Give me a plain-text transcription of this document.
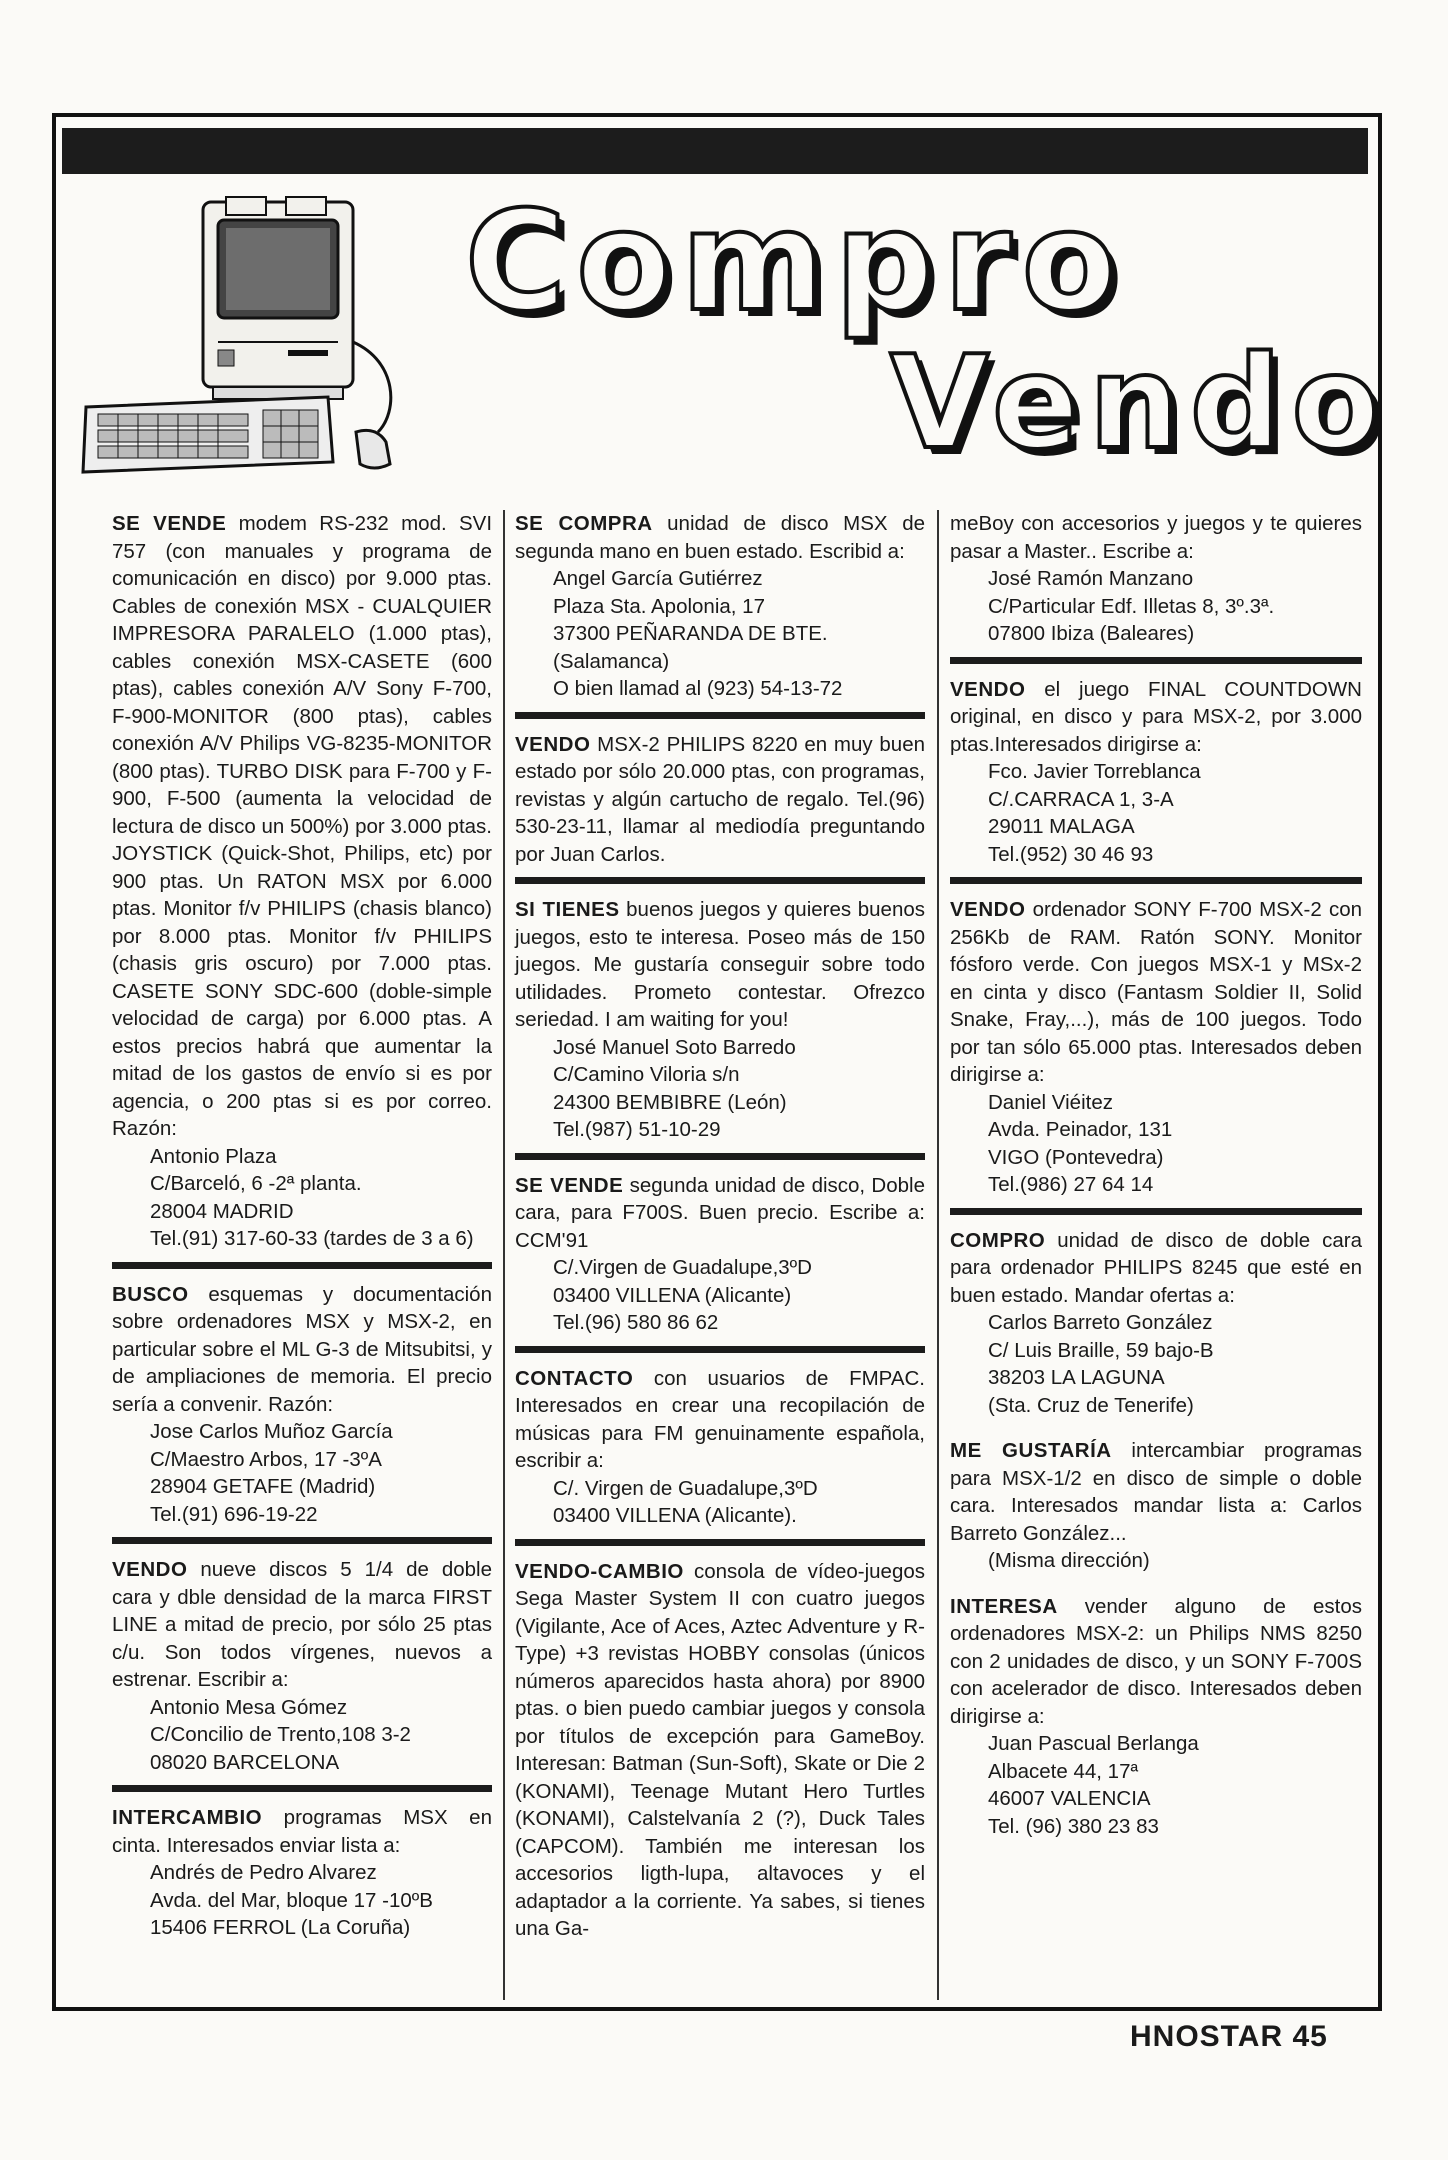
Compro
Vendo

SE VENDE modem RS-232 mod. SVI 757 (con manuales y programa de comunicación en disco) por 9.000 ptas. Cables de conexión MSX - CUALQUIER IMPRESORA PARALELO (1.000 ptas), cables conexión MSX-CASETE (600 ptas), cables conexión A/V Sony F-700, F-900-MONITOR (800 ptas), cables conexión A/V Philips VG-8235-MONITOR (800 ptas). TURBO DISK para F-700 y F-900, F-500 (aumenta la velocidad de lectura de disco un 500%) por 3.000 ptas. JOYSTICK (Quick-Shot, Philips, etc) por 900 ptas. Un RATON MSX por 6.000 ptas. Monitor f/v PHILIPS (chasis blanco) por 8.000 ptas. Monitor f/v PHILIPS (chasis gris oscuro) por 7.000 ptas. CASETE SONY SDC-600 (doble-simple velocidad de carga) por 6.000 ptas. A estos precios habrá que aumentar la mitad de los gastos de envío si es por agencia, o 200 ptas si es por correo. Razón:

Antonio Plaza
C/Barceló, 6 -2ª planta.
28004 MADRID
Tel.(91) 317-60-33 (tardes de 3 a 6)

BUSCO esquemas y documentación sobre ordenadores MSX y MSX-2, en particular sobre el ML G-3 de Mitsubitsi, y de ampliaciones de memoria. El precio sería a convenir. Razón:

Jose Carlos Muñoz García
C/Maestro Arbos, 17 -3ºA
28904 GETAFE (Madrid)
Tel.(91) 696-19-22

VENDO nueve discos 5 1/4 de doble cara y dble densidad de la marca FIRST LINE a mitad de precio, por sólo 25 ptas c/u. Son todos vírgenes, nuevos a estrenar. Escribir a:

Antonio Mesa Gómez
C/Concilio de Trento,108 3-2
08020 BARCELONA

INTERCAMBIO programas MSX en cinta. Interesados enviar lista a:

Andrés de Pedro Alvarez
Avda. del Mar, bloque 17 -10ºB
15406 FERROL (La Coruña)

SE COMPRA unidad de disco MSX de segunda mano en buen estado. Escribid a:

Angel García Gutiérrez
Plaza Sta. Apolonia, 17
37300 PEÑARANDA DE BTE. (Salamanca)
O bien llamad al (923) 54-13-72

VENDO MSX-2 PHILIPS 8220 en muy buen estado por sólo 20.000 ptas, con programas, revistas y algún cartucho de regalo. Tel.(96) 530-23-11, llamar al mediodía preguntando por Juan Carlos.

SI TIENES buenos juegos y quieres buenos juegos, esto te interesa. Poseo más de 150 juegos. Me gustaría conseguir sobre todo utilidades. Prometo contestar. Ofrezco seriedad. I am waiting for you!

José Manuel Soto Barredo
C/Camino Viloria s/n
24300 BEMBIBRE (León)
Tel.(987) 51-10-29

SE VENDE segunda unidad de disco, Doble cara, para F700S. Buen precio. Escribe a: CCM'91

C/.Virgen de Guadalupe,3ºD
03400 VILLENA (Alicante)
Tel.(96) 580 86 62

CONTACTO con usuarios de FMPAC. Interesados en crear una recopilación de músicas para FM genuinamente española, escribir a:

C/. Virgen de Guadalupe,3ºD
03400 VILLENA (Alicante).

VENDO-CAMBIO consola de vídeo-juegos Sega Master System II con cuatro juegos (Vigilante, Ace of Aces, Aztec Adventure y R-Type) +3 revistas HOBBY consolas (únicos números aparecidos hasta ahora) por 8900 ptas. o bien puedo cambiar juegos y consola por títulos de excepción para GameBoy. Interesan: Batman (Sun-Soft), Skate or Die 2 (KONAMI), Teenage Mutant Hero Turtles (KONAMI), Calstelvanía 2 (?), Duck Tales (CAPCOM). También me interesan los accesorios ligth-lupa, altavoces y el adaptador a la corriente. Ya sabes, si tienes una Ga-

meBoy con accesorios y juegos y te quieres pasar a Master.. Escribe a:

José Ramón Manzano
C/Particular Edf. Illetas 8, 3º.3ª.
07800 Ibiza (Baleares)

VENDO el juego FINAL COUNTDOWN original, en disco y para MSX-2, por 3.000 ptas.Interesados dirigirse a:

Fco. Javier Torreblanca
C/.CARRACA 1, 3-A
29011 MALAGA
Tel.(952) 30 46 93

VENDO ordenador SONY F-700 MSX-2 con 256Kb de RAM. Ratón SONY. Monitor fósforo verde. Con juegos MSX-1 y MSx-2 en cinta y disco (Fantasm Soldier II, Solid Snake, Fray,...), más de 100 juegos. Todo por tan sólo 65.000 ptas. Interesados deben dirigirse a:

Daniel Viéitez
Avda. Peinador, 131
VIGO (Pontevedra)
Tel.(986) 27 64 14

COMPRO unidad de disco de doble cara para ordenador PHILIPS 8245 que esté en buen estado. Mandar ofertas a:

Carlos Barreto González
C/ Luis Braille, 59 bajo-B
38203 LA LAGUNA
(Sta. Cruz de Tenerife)

ME GUSTARÍA intercambiar programas para MSX-1/2 en disco de simple o doble cara. Interesados mandar lista a: Carlos Barreto González...

(Misma dirección)

INTERESA vender alguno de estos ordenadores MSX-2: un Philips NMS 8250 con 2 unidades de disco, y un SONY F-700S con acelerador de disco. Interesados deben dirigirse a:

Juan Pascual Berlanga
Albacete 44, 17ª
46007 VALENCIA
Tel. (96) 380 23 83
HNOSTAR 45
